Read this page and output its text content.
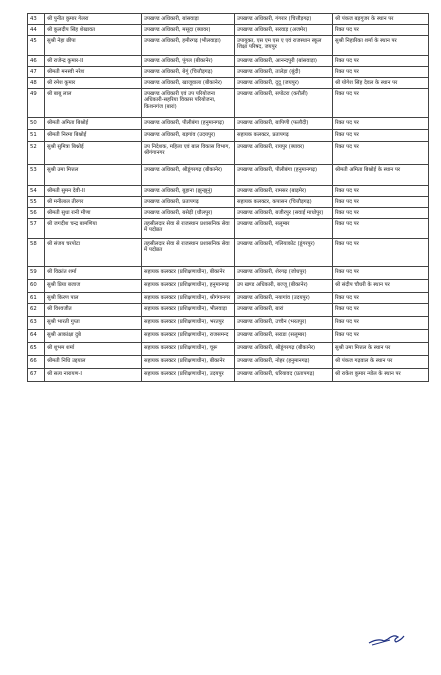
43	श्री पुनीत कुमार गेलरा	उपखण्ड अधिकारी, बांसवाड़ा	उपखण्ड अधिकारी, गंगरार (चित्तौड़गढ़)	श्री पंकज बड़गूजर के स्थान पर
44	श्री कुलदीप सिंह शेखावत	उपखण्ड अधिकारी, मसूदा (ब्यावर)	उपखण्ड अधिकारी, सरवाड़ (अजमेर)	रिक्त पद पर
45	सुश्री नेहा छीपा	उपखण्ड अधिकारी, हमीरगढ़ (भीलवाड़ा)	उपायुक्त, एस एम एस ए एवं राजस्थान स्कूल शिक्षा परिषद, जयपुर	सुश्री निहारिका शर्मा के स्थान पर
46	श्री राजेन्द्र कुमार-II	उपखण्ड अधिकारी, पूंगल (बीकानेर)	उपखण्ड अधिकारी, आनन्दपुरी (बांसवाड़ा)	रिक्त पद पर
47	श्रीमती मनस्वी नरेश	उपखण्ड अधिकारी, बेगूं (चित्तौड़गढ़)	उपखण्ड अधिकारी, तालेड़ा (बूंदी)	रिक्त पद पर
48	श्री रमेश कुमार	उपखण्ड अधिकारी, खाजूवाला (बीकानेर)	उपखण्ड अधिकारी, दूदू (जयपुर)	श्री योगेश सिंह देवल के स्थान पर
49	श्री बाबू लाल	उपखण्ड अधिकारी एवं उप परियोजना अधिकारी-सहरिया विकास परियोजना, किशनगंज (बारां)	उपखण्ड अधिकारी, सपोटरा (करौली)	रिक्त पद पर
50	श्रीमती अमिता बिश्नोई	उपखण्ड अधिकारी, पीलीबंगा (हनुमानगढ़)	उपखण्ड अधिकारी, बापिणी (फलौदी)	रिक्त पद पर
51	श्रीमती निरमा बिश्नोई	उपखण्ड अधिकारी, बड़गांव (उदयपुर)	सहायक कलक्टर, प्रतापगढ़	रिक्त पद पर
52	सुश्री सुमित्रा बिश्नोई	उप निदेशक, महिला एवं बाल विकास विभाग, श्रीगंगानगर	उपखण्ड अधिकारी, रायपुर (ब्यावर)	रिक्त पद पर
53	सुश्री उमा मित्तल	उपखण्ड अधिकारी, श्रीडूंगरगढ़ (बीकानेर)	उपखण्ड अधिकारी, पीलीबंगा (हनुमानगढ़)	श्रीमती अमिता बिश्नोई के स्थान पर
54	श्रीमती सुमन देवी-II	उपखण्ड अधिकारी, बुहाना (झुन्झुनूं)	उपखण्ड अधिकारी, रामसर (बाड़मेर)	रिक्त पद पर
55	श्री मनीलाल तीरगर	उपखण्ड अधिकारी, प्रतापगढ़	सहायक कलक्टर, कपासन (चित्तौड़गढ़)	रिक्त पद पर
56	श्रीमती सुधा रानी मीणा	उपखण्ड अधिकारी, बसेड़ी (धौलपुर)	उपखण्ड अधिकारी, बजीरपुर (सवाई माधोपुर)	रिक्त पद पर
57	श्री जगदीश चन्द्र बामणिया	तहसीलदार सेवा से राजस्थान प्रशासनिक सेवा में पदोन्नत	उपखण्ड अधिकारी, सलूम्बर	रिक्त पद पर
58	श्री संजय चरपोटा	तहसीलदार सेवा से राजस्थान प्रशासनिक सेवा में पदोन्नत	उपखण्ड अधिकारी, गलियाकोट (डूंगरपुर)	रिक्त पद पर
59	श्री विक्रांत शर्मा	सहायक कलक्टर (प्रशिक्षणाधीन), बीकानेर	उपखण्ड अधिकारी, शेरगढ़ (जोधपुर)	रिक्त पद पर
60	सुश्री प्रिया बजाज	सहायक कलक्टर (प्रशिक्षणाधीन), हनुमानगढ़	उप खण्ड अधिकारी, बज्जू (बीकानेर)	श्री संदीप चौधरी के स्थान पर
61	सुश्री किरण पाल	सहायक कलक्टर (प्रशिक्षणाधीन), श्रीगंगानगर	उपखण्ड अधिकारी, नयागांव (उदयपुर)	रिक्त पद पर
62	श्री विश्वजीत	सहायक कलक्टर (प्रशिक्षणाधीन), भीलवाड़ा	उपखण्ड अधिकारी, बारां	रिक्त पद पर
63	सुश्री भारती गुप्ता	सहायक कलक्टर (प्रशिक्षणाधीन), भरतपुर	उपखण्ड अधिकारी, उच्चैन (भरतपुर)	रिक्त पद पर
64	सुश्री आकांक्षा दुबे	सहायक कलक्टर (प्रशिक्षणाधीन), राजसमन्द	उपखण्ड अधिकारी, सराडा (सलूम्बर)	रिक्त पद पर
65	श्री शुभम शर्मा	सहायक कलक्टर (प्रशिक्षणाधीन), चूरू	उपखण्ड अधिकारी, श्रीडूंगरगढ़ (बीकानेर)	सुश्री उमा मित्तल के स्थान पर
66	श्रीमती निधि उद्दयाल	सहायक कलक्टर (प्रशिक्षणाधीन), बीकानेर	उपखण्ड अधिकारी, नोहर (हनुमानगढ़)	श्री पंकज गढ़वाल के स्थान पर
67	श्री सत्य नारायण-I	सहायक कलक्टर (प्रशिक्षणाधीन), उदयपुर	उपखण्ड अधिकारी, धरियावद (प्रतापगढ़)	श्री राकेश कुमार न्योल के स्थान पर
